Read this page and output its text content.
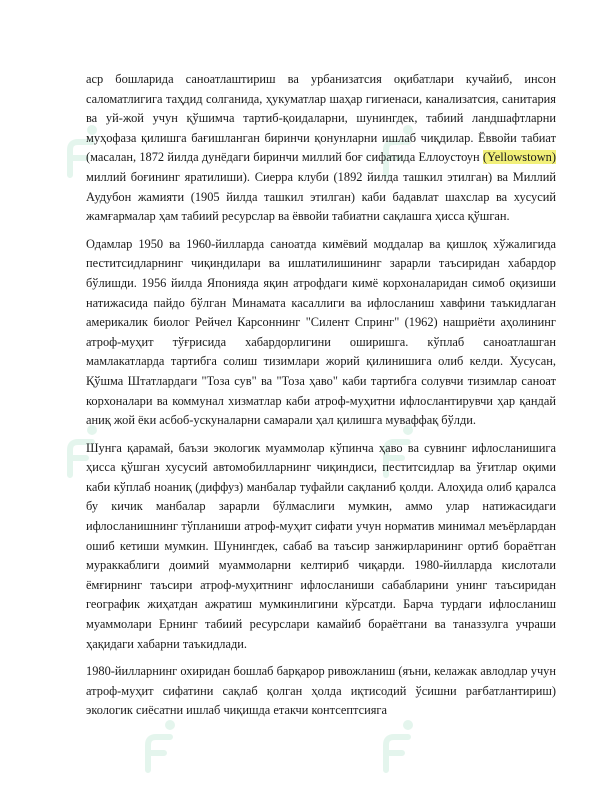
аср бошларида саноатлаштириш ва урбанизатсия оқибатлари кучайиб, инсон саломатлигига таҳдид солганида, ҳукуматлар шаҳар гигиенаси, канализатсия, санитария ва уй-жой учун қўшимча тартиб-қоидаларни, шунингдек, табиий ландшафтларни муҳофаза қилишга бағишланган биринчи қонунларни ишлаб чиқдилар. Ёввойи табиат (масалан, 1872 йилда дунёдаги биринчи миллий боғ сифатида Еллоустоун (Yellowstown) миллий боғининг яратилиши). Сиерра клуби (1892 йилда ташкил этилган) ва Миллий Аудубон жамияти (1905 йилда ташкил этилган) каби бадавлат шахслар ва хусусий жамғармалар ҳам табиий ресурслар ва ёввойи табиатни сақлашга ҳисса қўшган.

Одамлар 1950 ва 1960-йилларда саноатда кимёвий моддалар ва қишлоқ хўжалигида пеститсидларнинг чиқиндилари ва ишлатилишининг зарарли таъсиридан хабардор бўлишди. 1956 йилда Японияда яқин атрофдаги кимё корхоналаридан симоб оқизиши натижасида пайдо бўлган Минамата касаллиги ва ифлосланиш хавфини таъкидлаган америкалик биолог Рейчел Карсоннинг "Силент Спринг" (1962) нашриёти аҳолининг атроф-муҳит тўғрисида хабардорлигини оширишга. кўплаб саноатлашган мамлакатларда тартибга солиш тизимлари жорий қилинишига олиб келди. Хусусан, Қўшма Штатлардаги "Тоза сув" ва "Тоза ҳаво" каби тартибга солувчи тизимлар саноат корхоналари ва коммунал хизматлар каби атроф-муҳитни ифлослантирувчи ҳар қандай аниқ жой ёки асбоб-ускуналарни самарали ҳал қилишга муваффақ бўлди.

Шунга қарамай, баъзи экологик муаммолар кўпинча ҳаво ва сувнинг ифлосланишига ҳисса қўшган хусусий автомобилларнинг чиқиндиси, пеститсидлар ва ўғитлар оқими каби кўплаб ноаниқ (диффуз) манбалар туфайли сақланиб қолди. Алоҳида олиб қаралса бу кичик манбалар зарарли бўлмаслиги мумкин, аммо улар натижасидаги ифлосланишнинг тўпланиши атроф-муҳит сифати учун норматив минимал меъёрлардан ошиб кетиши мумкин. Шунингдек, сабаб ва таъсир занжирларининг ортиб бораётган мураккаблиги доимий муаммоларни келтириб чиқарди. 1980-йилларда кислотали ёмғирнинг таъсири атроф-муҳитнинг ифлосланиши сабабларини унинг таъсиридан географик жиҳатдан ажратиш мумкинлигини кўрсатди. Барча турдаги ифлосланиш муаммолари Ернинг табиий ресурслари камайиб бораётгани ва таназзулга учраши ҳақидаги хабарни таъкидлади.

1980-йилларнинг охиридан бошлаб барқарор ривожланиш (яъни, келажак авлодлар учун атроф-муҳит сифатини сақлаб қолган ҳолда иқтисодий ўсишни рағбатлантириш) экологик сиёсатни ишлаб чиқишда етакчи контсептсияга
